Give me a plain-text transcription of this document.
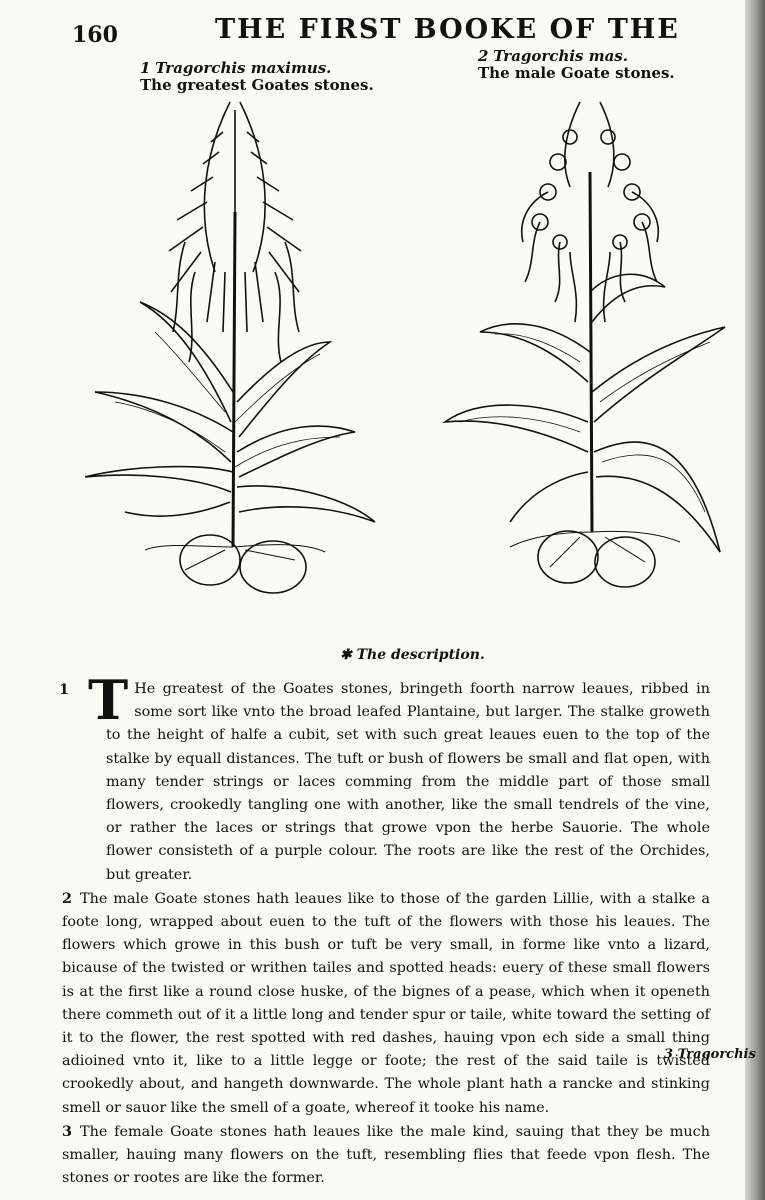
160	THE FIRST BOOKE OF THE
1 Tragorchis maximus.
The greatest Goates stones.
2 Tragorchis mas.
The male Goate stones.
✱ The description.

1 T He greatest of the Goates stones, bringeth foorth narrow leaues, ribbed in some sort like vnto the broad leafed Plantaine, but larger. The stalke groweth to the height of halfe a cubit, set with such great leaues euen to the top of the stalke by equall distances. The tuft or bush of flowers be small and flat open, with many tender strings or laces comming from the middle part of those small flowers, crookedly tangling one with another, like the small tendrels of the vine, or rather the laces or strings that growe vpon the herbe Sauorie. The whole flower consisteth of a purple colour. The roots are like the rest of the Orchides, but greater.

2 The male Goate stones hath leaues like to those of the garden Lillie, with a stalke a foote long, wrapped about euen to the tuft of the flowers with those his leaues. The flowers which growe in this bush or tuft be very small, in forme like vnto a lizard, bicause of the twisted or writhen tailes and spotted heads: euery of these small flowers is at the first like a round close huske, of the bignes of a pease, which when it openeth there commeth out of it a little long and tender spur or taile, white toward the setting of it to the flower, the rest spotted with red dashes, hauing vpon ech side a small thing adioined vnto it, like to a little legge or foote; the rest of the said taile is twisted crookedly about, and hangeth downwarde. The whole plant hath a rancke and stinking smell or sauor like the smell of a goate, whereof it tooke his name.

3 The female Goate stones hath leaues like the male kind, sauing that they be much smaller, hauing many flowers on the tuft, resembling flies that feede vpon flesh. The stones or rootes are like the former.

3 Tragorchis
